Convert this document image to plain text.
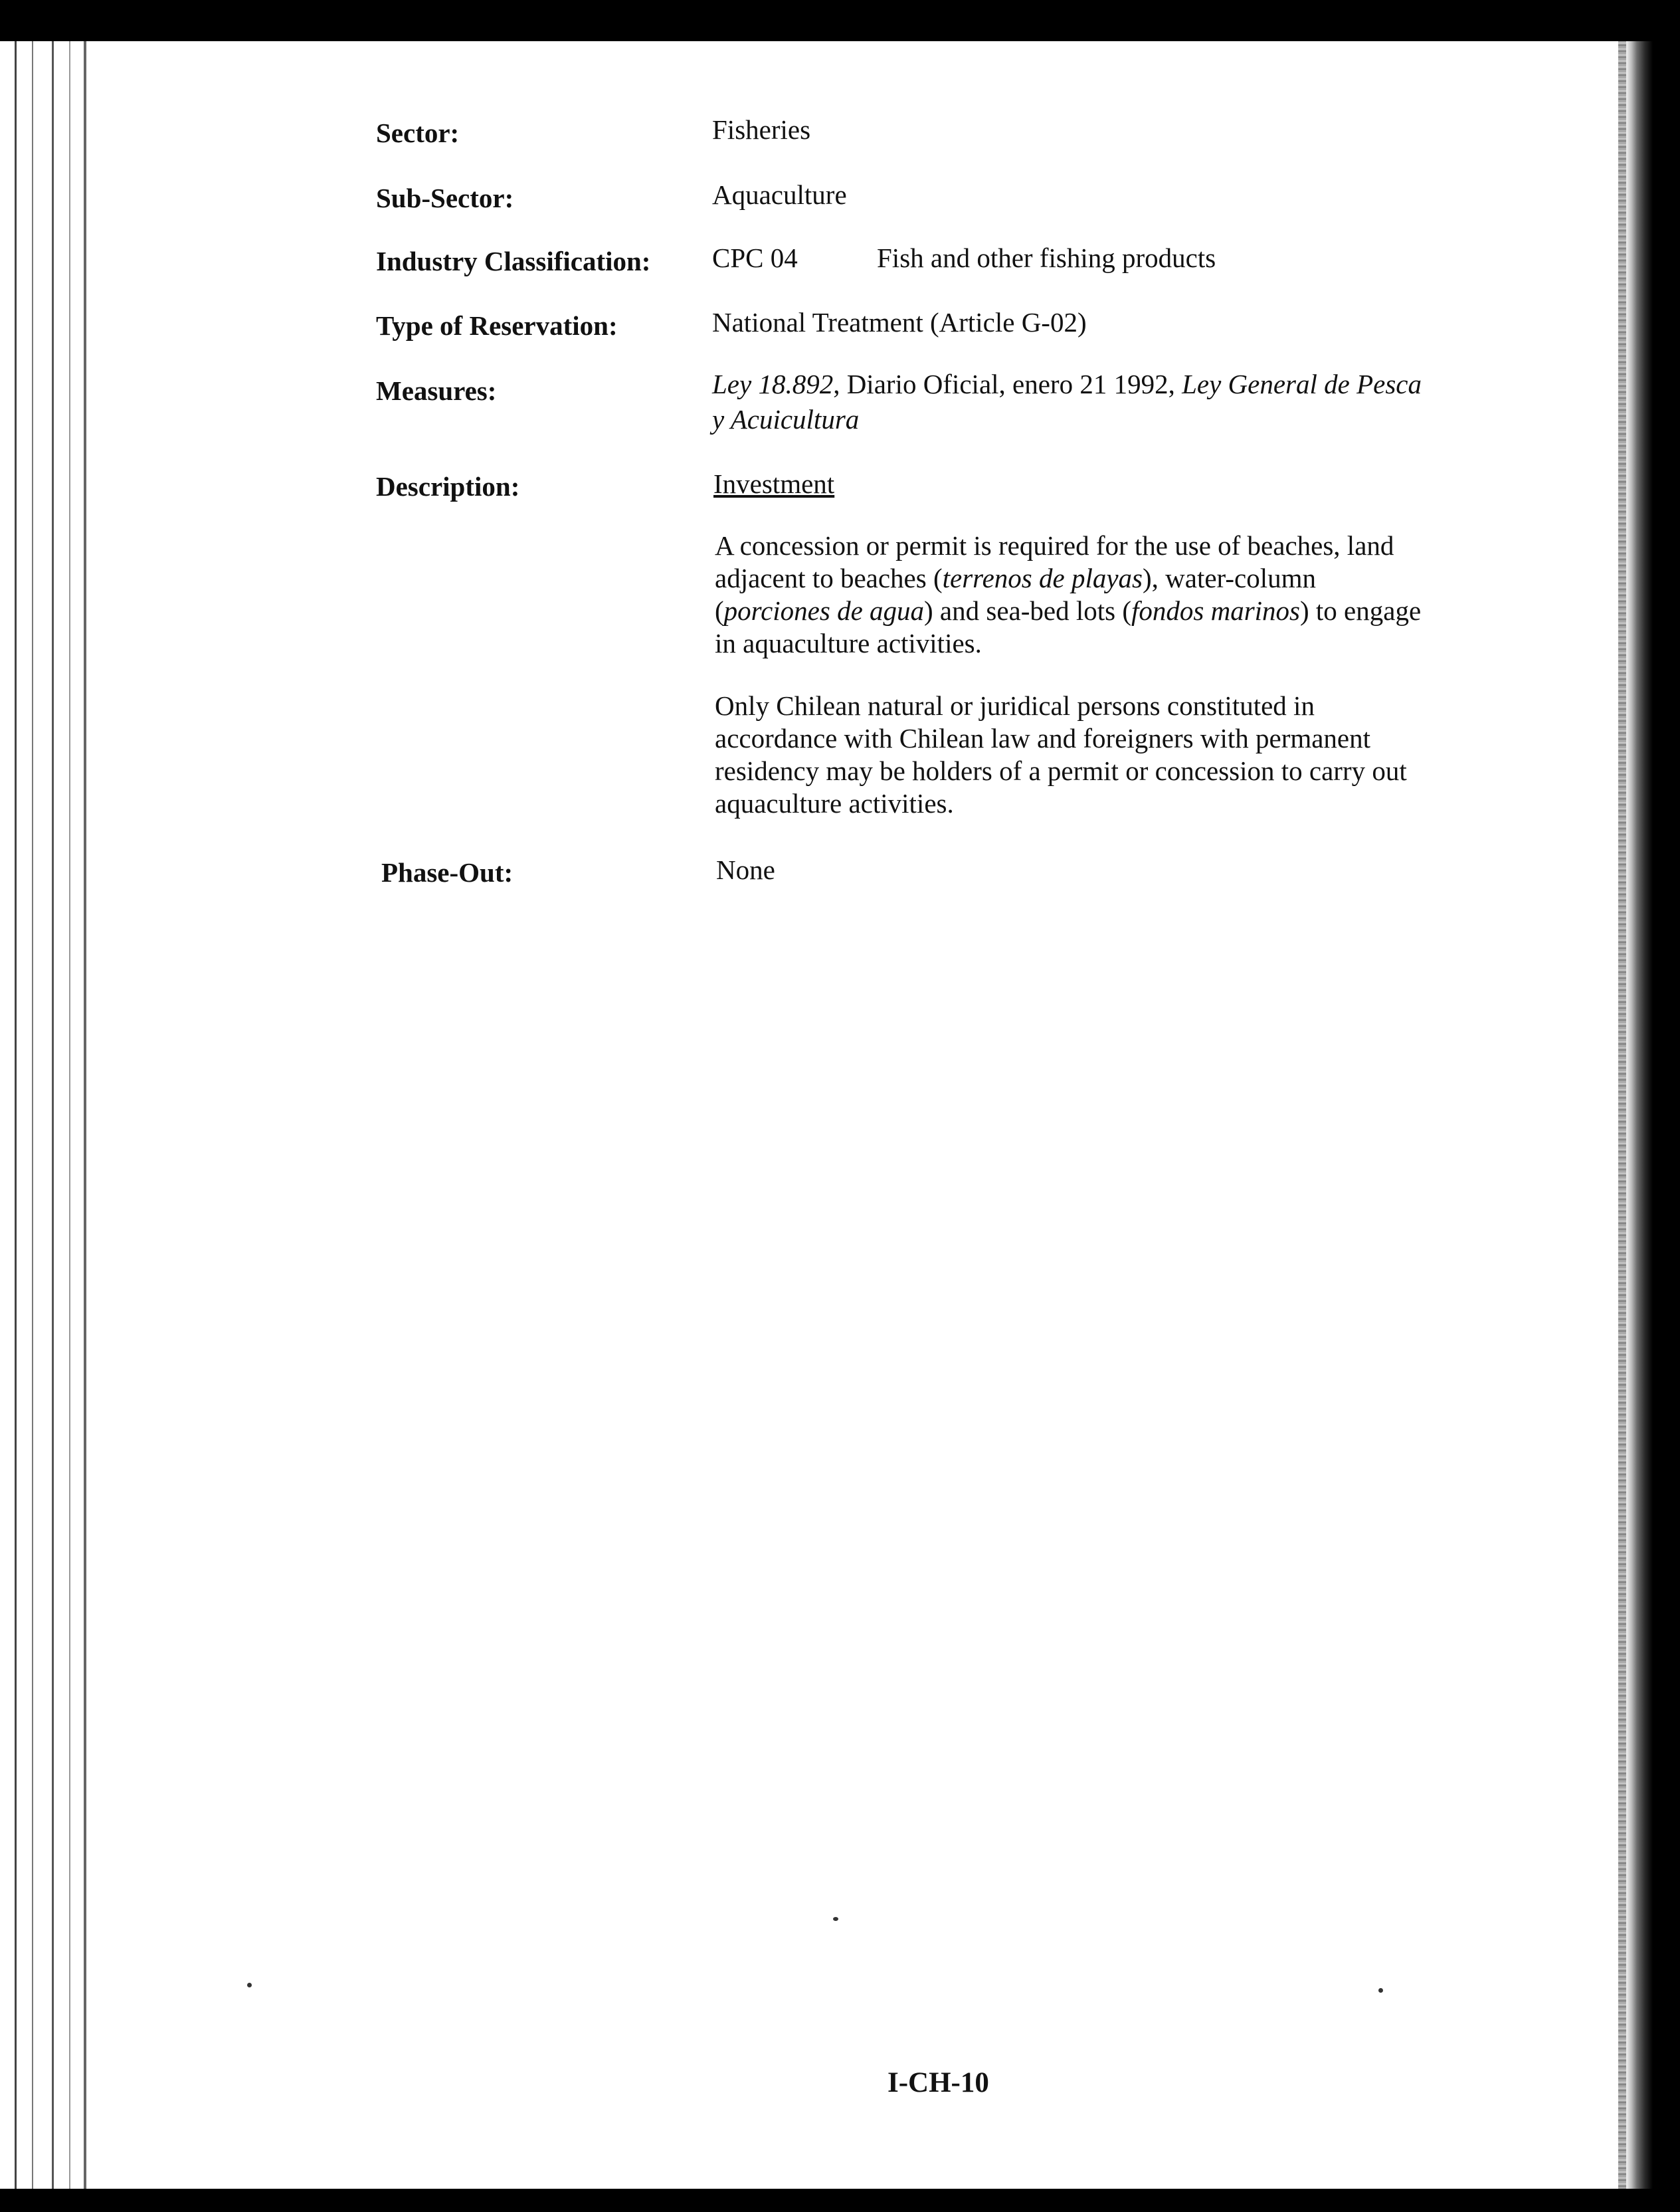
Sector:	Fisheries
Sub-Sector:	Aquaculture
Industry Classification: CPC 04	Fish and other fishing products
Type of Reservation:	National Treatment (Article G-02)
Measures:	Ley 18.892, Diario Oficial, enero 21 1992, Ley General de Pesca
y Acuicultura
Description:	Investment
A concession or permit is required for the use of beaches, land
adjacent to beaches (terrenos de playas), water-column
(porciones de agua) and sea-bed lots (fondos marinos) to engage
in aquaculture activities.
Only Chilean natural or juridical persons constituted in
accordance with Chilean law and foreigners with permanent
residency may be holders of a permit or concession to carry out
aquaculture activities.
Phase-Out:	None
I-CH-10
